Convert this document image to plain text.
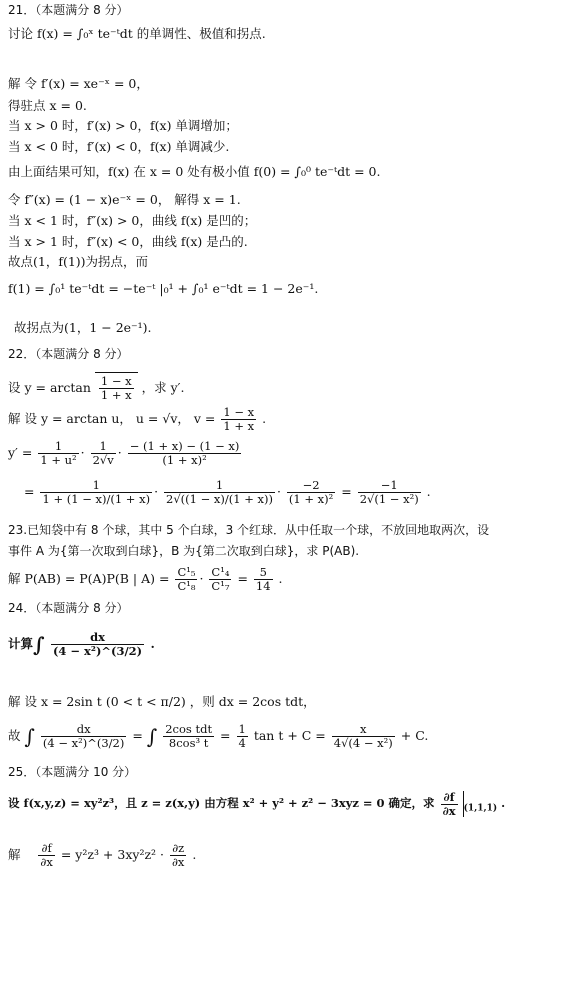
21．（本题满分 8 分）
讨论 f(x) = ∫₀ˣ te⁻ᵗdt 的单调性、极值和拐点.
解 令 f′(x) = xe⁻ˣ = 0，
得驻点 x = 0.
当 x > 0 时，f′(x) > 0，f(x) 单调增加；
当 x < 0 时，f′(x) < 0，f(x) 单调减少.
由上面结果可知，f(x) 在 x = 0 处有极小值 f(0) = ∫₀⁰ te⁻ᵗdt = 0.
令 f″(x) = (1 − x)e⁻ˣ = 0， 解得 x = 1.
当 x < 1 时，f″(x) > 0，曲线 f(x) 是凹的；
当 x > 1 时，f″(x) < 0，曲线 f(x) 是凸的.
故点(1，f(1))为拐点，而
f(1) = ∫₀¹ te⁻ᵗdt = −te⁻ᵗ |₀¹ + ∫₀¹ e⁻ᵗdt = 1 − 2e⁻¹.
故拐点为(1，1 − 2e⁻¹).
22．（本题满分 8 分）
设 $y = \arctan \frac{1 - x}{1 + x}$ ，求 y′.
解 设 y = arctan u， u = √v， $v = \frac{1 - x}{1 + x}$ .
$y' = \frac{1}{\text{1 + u²}} \cdot \frac{1}{2√v} \cdot \frac{- (1 + x) - (1 - x)}{\text{(1 + x)²}}$
= $\frac{1}{1 + (1 - x)/(1 + x)} \cdot \frac{1}{2√((1 - x)/(1 + x))} \cdot \frac{-2}{\text{(1 + x)²}} = \frac{-1}{\text{2√(1 − x²)}}$ .
23.已知袋中有 8 个球，其中 5 个白球，3 个红球．从中任取一个球，不放回地取两次，设
事件 A 为{第一次取到白球}，B 为{第二次取到白球}，求 P(AB).
解 P(AB) = P(A)P(B | $A) = \frac{\text{C¹₅}}{\text{C¹₈}} \cdot \frac{\text{C¹₄}}{\text{C¹₇}} = \frac{5}{14}$ .
24．（本题满分 8 分）
计算∫ $\frac{dx}{\text{(4 − x²)\textasciicircum{}(3/2)}}$ .
解 设 x = 2sin t (0 < t < π/2) ，则 dx = 2cos tdt，
故 ∫ $\frac{dx}{\text{(4 − x²)\textasciicircum{}(3/2)}}$ = ∫ $\frac{\text{2cos tdt}}{\text{8cos³ t}} = \frac{1}{4}$ $\tan t + C = \frac{x}{\text{4√(4 − x²)}} + C$.
25．（本题满分 10 分）
设 f(x,y,z) = xy²z³，且 z = z(x,y) 由方程 x² + y² + z² − 3xyz = 0 确定，求 $\frac{\partial f}{\partial x} _{(1,1,1)}$ .
解 $\frac{\partial f}{\partial x} = y^2z^3 + 3xy^2z^2 \cdot \frac{\partial z}{\partial x}$ .
